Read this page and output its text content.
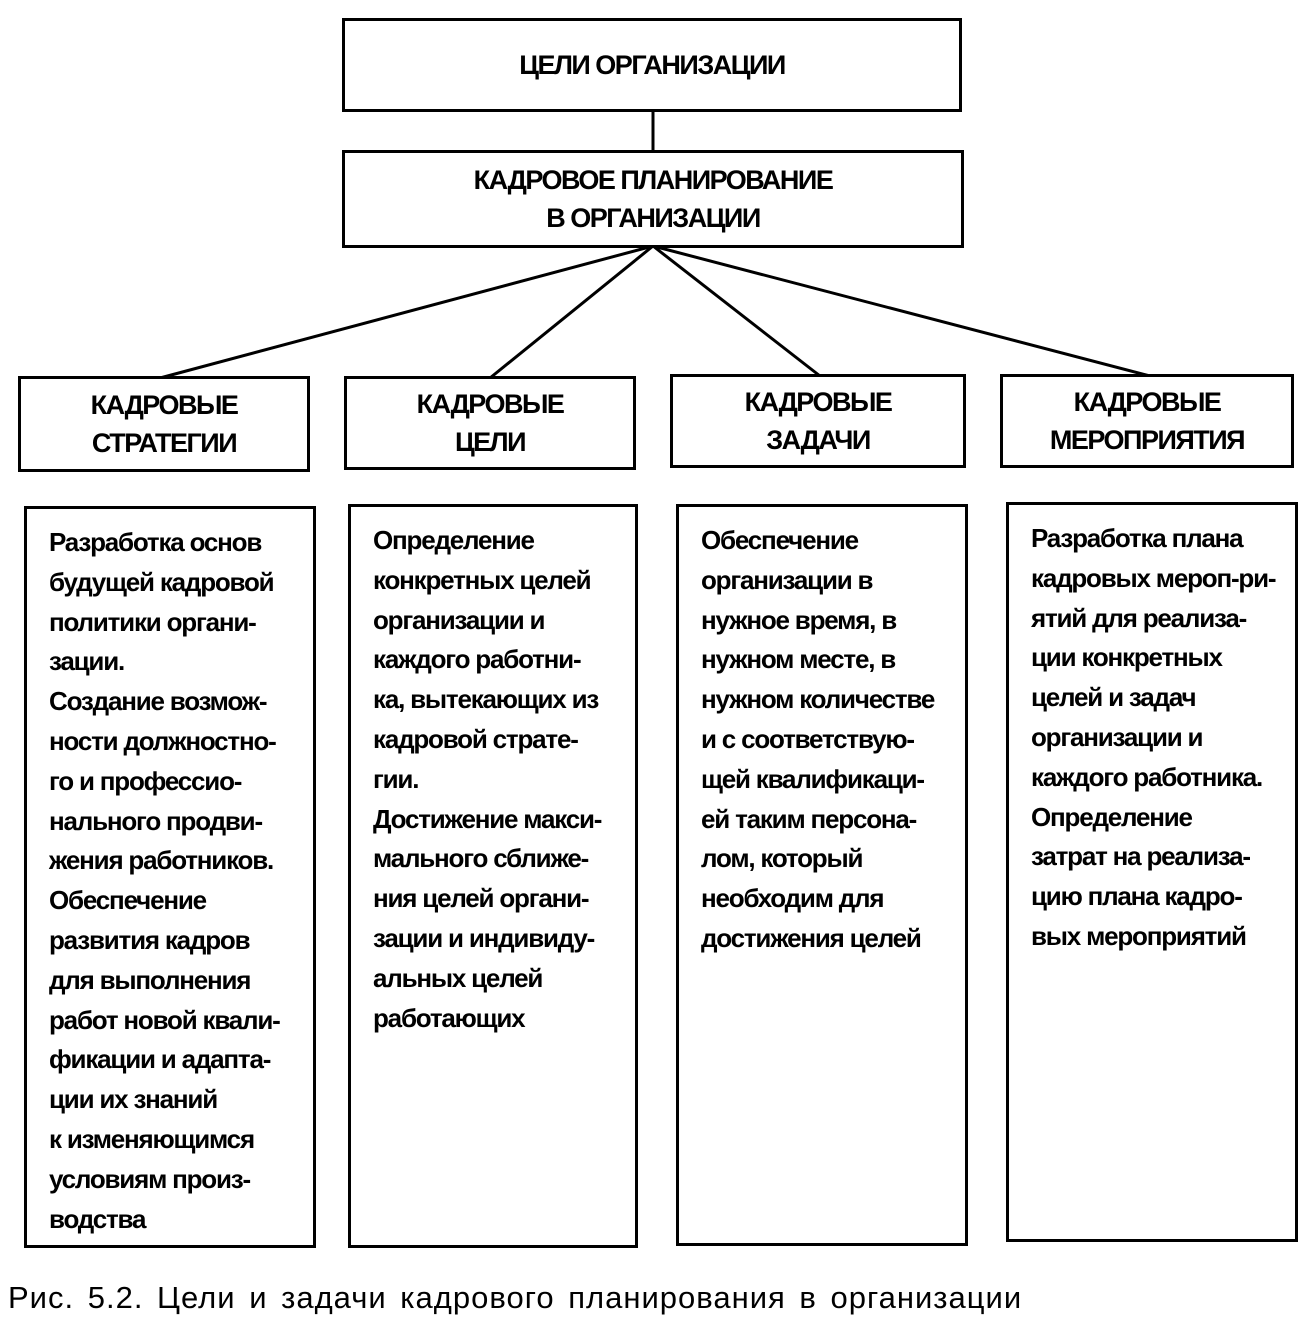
ЦЕЛИ ОРГАНИЗАЦИИ
КАДРОВОЕ ПЛАНИРОВАНИЕ
В ОРГАНИЗАЦИИ
КАДРОВЫЕ
СТРАТЕГИИ
КАДРОВЫЕ
ЦЕЛИ
КАДРОВЫЕ
ЗАДАЧИ
КАДРОВЫЕ
МЕРОПРИЯТИЯ
Разработка основ
будущей кадровой
политики органи-
зации.
Создание возмож-
ности должностно-
го и профессио-
нального продви-
жения работников.
Обеспечение
развития кадров
для выполнения
работ новой квали-
фикации и адапта-
ции их знаний
к изменяющимся
условиям произ-
водства
Определение
конкретных целей
организации и
каждого работни-
ка, вытекающих из
кадровой страте-
гии.
Достижение макси-
мального сближе-
ния целей органи-
зации и индивиду-
альных целей
работающих
Обеспечение
организации в
нужное время, в
нужном месте, в
нужном количестве
и с соответствую-
щей квалификаци-
ей таким персона-
лом, который
необходим для
достижения целей
Разработка плана
кадровых мероп-ри-
ятий для реализа-
ции конкретных
целей и задач
организации и
каждого работника.
Определение
затрат на реализа-
цию плана кадро-
вых мероприятий
Рис. 5.2. Цели и задачи кадрового планирования в организации
